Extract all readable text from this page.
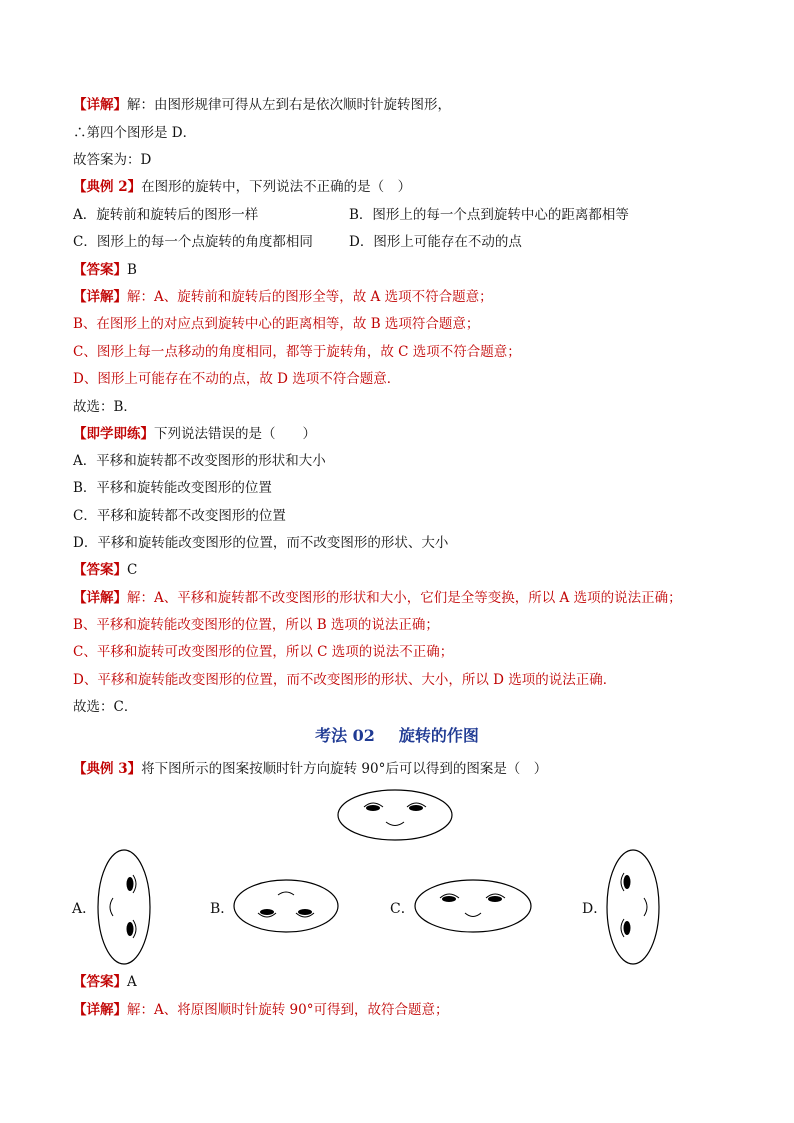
【详解】解：由图形规律可得从左到右是依次顺时针旋转图形，
∴第四个图形是 D．
故答案为：D
【典例 2】在图形的旋转中，下列说法不正确的是（　）
A．旋转前和旋转后的图形一样	B．图形上的每一个点到旋转中心的距离都相等
C．图形上的每一个点旋转的角度都相同	D．图形上可能存在不动的点
【答案】B
【详解】解：A、旋转前和旋转后的图形全等，故 A 选项不符合题意；
B、在图形上的对应点到旋转中心的距离相等，故 B 选项符合题意；
C、图形上每一点移动的角度相同，都等于旋转角，故 C 选项不符合题意；
D、图形上可能存在不动的点，故 D 选项不符合题意．
故选：B．
【即学即练】下列说法错误的是（　　）
A．平移和旋转都不改变图形的形状和大小
B．平移和旋转能改变图形的位置
C．平移和旋转都不改变图形的位置
D．平移和旋转能改变图形的位置，而不改变图形的形状、大小
【答案】C
【详解】解：A、平移和旋转都不改变图形的形状和大小，它们是全等变换，所以 A 选项的说法正确；
B、平移和旋转能改变图形的位置，所以 B 选项的说法正确；
C、平移和旋转可改变图形的位置，所以 C 选项的说法不正确；
D、平移和旋转能改变图形的位置，而不改变图形的形状、大小，所以 D 选项的说法正确．
故选：C．
考法 02 旋转的作图
【典例 3】将下图所示的图案按顺时针方向旋转 90°后可以得到的图案是（　）
A．	B．	C．	D．
【答案】A
【详解】解：A、将原图顺时针旋转 90°可得到，故符合题意；
